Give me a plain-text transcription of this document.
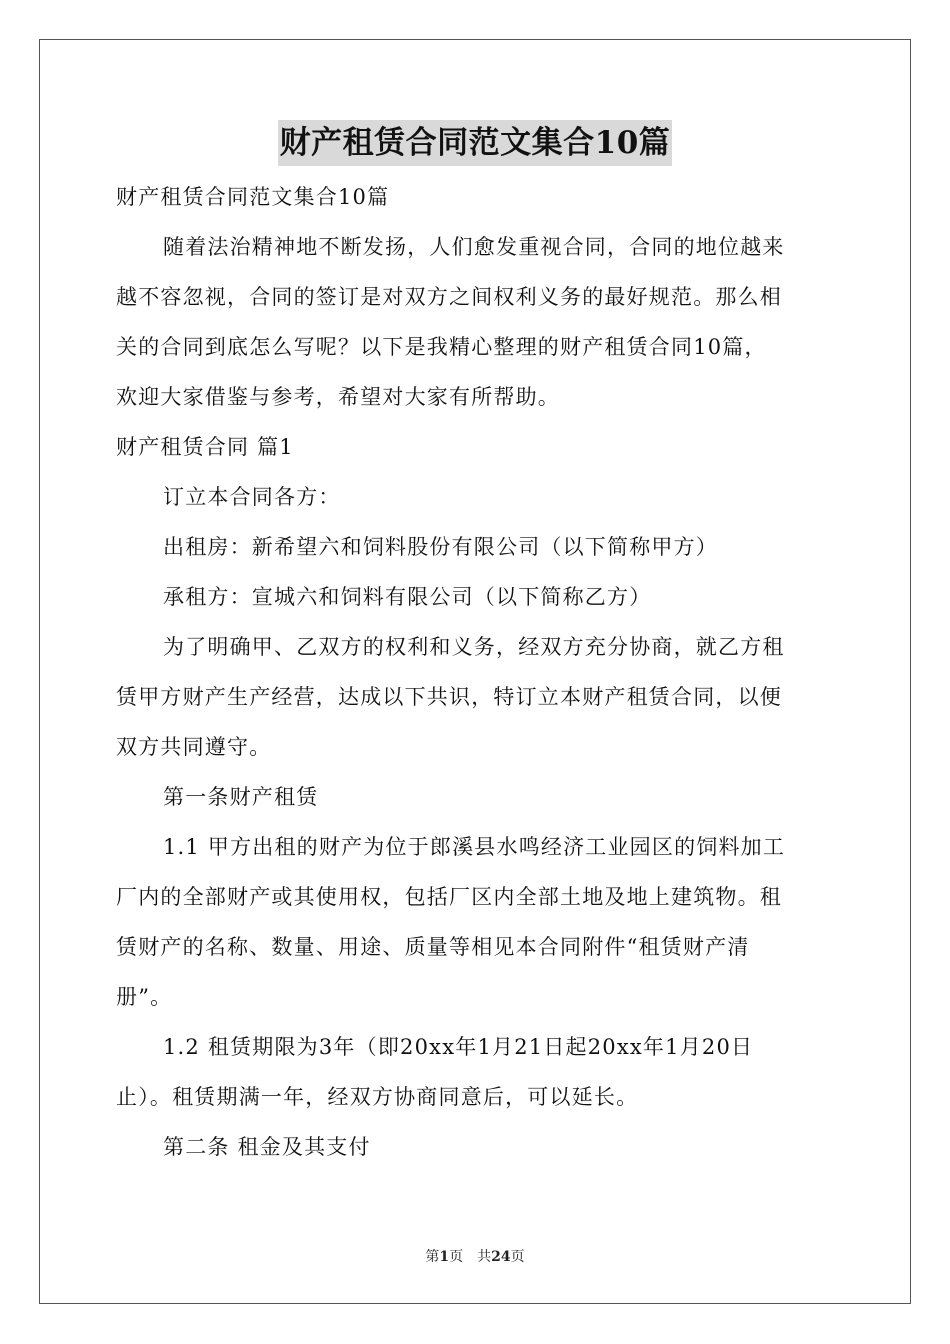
财产租赁合同范文集合10篇

财产租赁合同范文集合10篇

随着法治精神地不断发扬，人们愈发重视合同，合同的地位越来

越不容忽视，合同的签订是对双方之间权利义务的最好规范。那么相

关的合同到底怎么写呢？以下是我精心整理的财产租赁合同10篇，

欢迎大家借鉴与参考，希望对大家有所帮助。

财产租赁合同 篇1

订立本合同各方：

出租房：新希望六和饲料股份有限公司（以下简称甲方）

承租方：宣城六和饲料有限公司（以下简称乙方）

为了明确甲、乙双方的权利和义务，经双方充分协商，就乙方租

赁甲方财产生产经营，达成以下共识，特订立本财产租赁合同，以便

双方共同遵守。

第一条财产租赁

1.1 甲方出租的财产为位于郎溪县水鸣经济工业园区的饲料加工

厂内的全部财产或其使用权，包括厂区内全部土地及地上建筑物。租

赁财产的名称、数量、用途、质量等相见本合同附件“租赁财产清

册”。

1.2 租赁期限为3年（即20xx年1月21日起20xx年1月20日

止）。租赁期满一年，经双方协商同意后，可以延长。

第二条 租金及其支付

第1页　共24页
